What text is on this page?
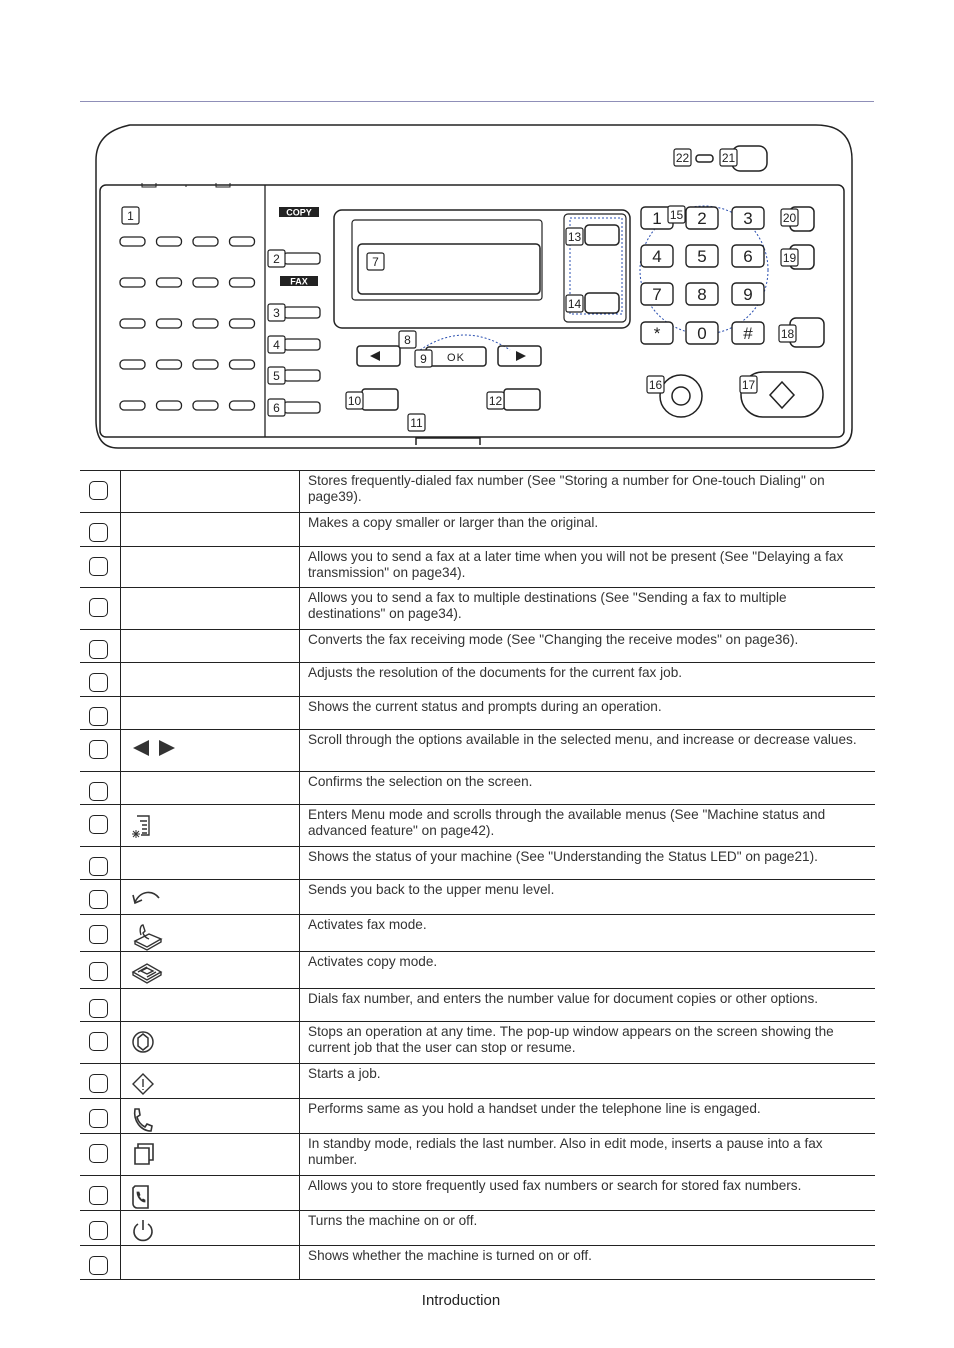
1	COPY
FAX
2
3
4
5
6
7
13
14
OK
8
9
10	12
11
21
22
1 2 3
4 5 6
7 8 9
* 0 #
15	20
19
18
16	17
		Stores frequently-dialed fax number (See "Storing a number for One-touch Dialing" on page39).

		Makes a copy smaller or larger than the original.

		Allows you to send a fax at a later time when you will not be present (See "Delaying a fax transmission" on page34).

		Allows you to send a fax to multiple destinations (See "Sending a fax to multiple destinations" on page34).

		Converts the fax receiving mode (See "Changing the receive modes" on page36).

		Adjusts the resolution of the documents for the current fax job.

		Shows the current status and prompts during an operation.

	Scroll through the options available in the selected menu, and increase or decrease values.

		Confirms the selection on the screen.

	Enters Menu mode and scrolls through the available menus (See "Machine status and advanced feature" on page42).

		Shows the status of your machine (See "Understanding the Status LED" on page21).

	Sends you back to the upper menu level.

	Activates fax mode.

	Activates copy mode.

		Dials fax number, and enters the number value for document copies or other options.

	Stops an operation at any time. The pop-up window appears on the screen showing the current job that the user can stop or resume.

	Starts a job.

	Performs same as you hold a handset under the telephone line is engaged.

	In standby mode, redials the last number. Also in edit mode, inserts a pause into a fax number.

	Allows you to store frequently used fax numbers or search for stored fax numbers.

	Turns the machine on or off.

		Shows whether the machine is turned on or off.
Introduction
